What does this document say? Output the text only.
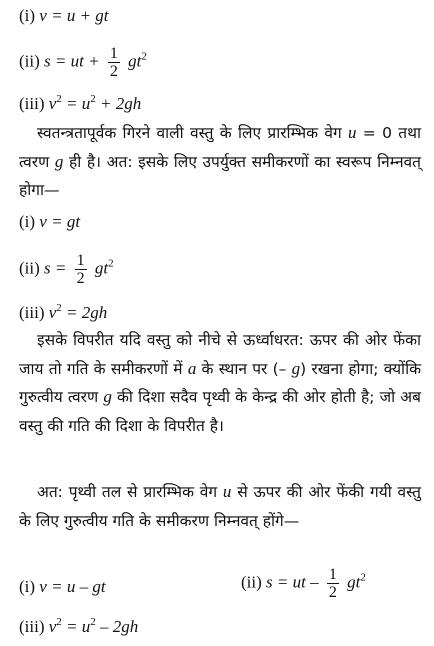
(i) v = u + gt
(ii) s = ut + $\frac{1}{2} gt^2$
(iii) $v^2 = u^2 + 2gh$
स्वतन्त्रतापूर्वक गिरने वाली वस्तु के लिए प्रारम्भिक वेग u = 0 तथा त्वरण g ही है। अत: इसके लिए उपर्युक्त समीकरणों का स्वरूप निम्नवत् होगा—
(i) v = gt
(ii) $s = \frac{1}{2} gt^2$
(iii) $v^2 = 2gh$
इसके विपरीत यदि वस्तु को नीचे से ऊर्ध्वाधरत: ऊपर की ओर फेंका जाय तो गति के समीकरणों में a के स्थान पर (– g) रखना होगा; क्योंकि गुरुत्वीय त्वरण g की दिशा सदैव पृथ्वी के केन्द्र की ओर होती है; जो अब वस्तु की गति की दिशा के विपरीत है।
अत: पृथ्वी तल से प्रारम्भिक वेग u से ऊपर की ओर फेंकी गयी वस्तु के लिए गुरुत्वीय गति के समीकरण निम्नवत् होंगे—
(i) v = u – gt	(ii) s = ut – $\frac{1}{2} gt^2$
(iii) $v^2 = u^2 - 2gh$
